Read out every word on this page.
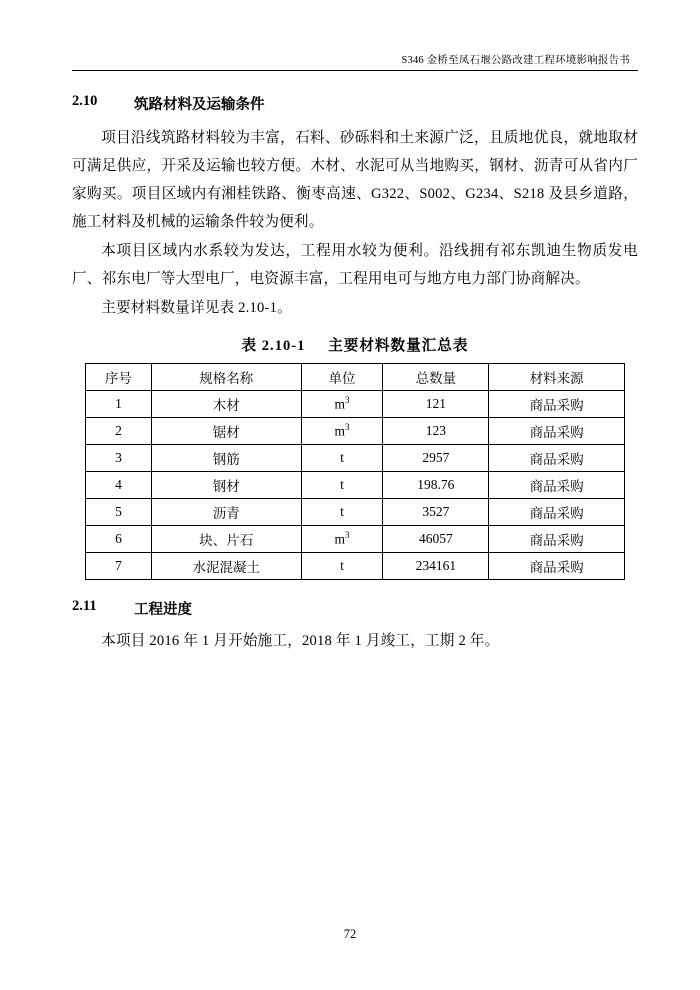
S346 金桥至凤石堰公路改建工程环境影响报告书
2.10	筑路材料及运输条件

项目沿线筑路材料较为丰富，石料、砂砾料和土来源广泛，且质地优良，就地取材可满足供应，开采及运输也较方便。木材、水泥可从当地购买，钢材、沥青可从省内厂家购买。项目区域内有湘桂铁路、衡枣高速、G322、S002、G234、S218 及县乡道路，施工材料及机械的运输条件较为便利。

本项目区域内水系较为发达，工程用水较为便利。沿线拥有祁东凯迪生物质发电厂、祁东电厂等大型电厂，电资源丰富，工程用电可与地方电力部门协商解决。

主要材料数量详见表 2.10-1。

表 2.10-1 主要材料数量汇总表
序号	规格名称	单位	总数量	材料来源
1	木材	$m^3$	121	商品采购
2	锯材	$m^3$	123	商品采购
3	钢筋	t	2957	商品采购
4	钢材	t	198.76	商品采购
5	沥青	t	3527	商品采购
6	块、片石	$m^3$	46057	商品采购
7	水泥混凝土	t	234161	商品采购
2.11	工程进度

本项目 2016 年 1 月开始施工，2018 年 1 月竣工，工期 2 年。

72
